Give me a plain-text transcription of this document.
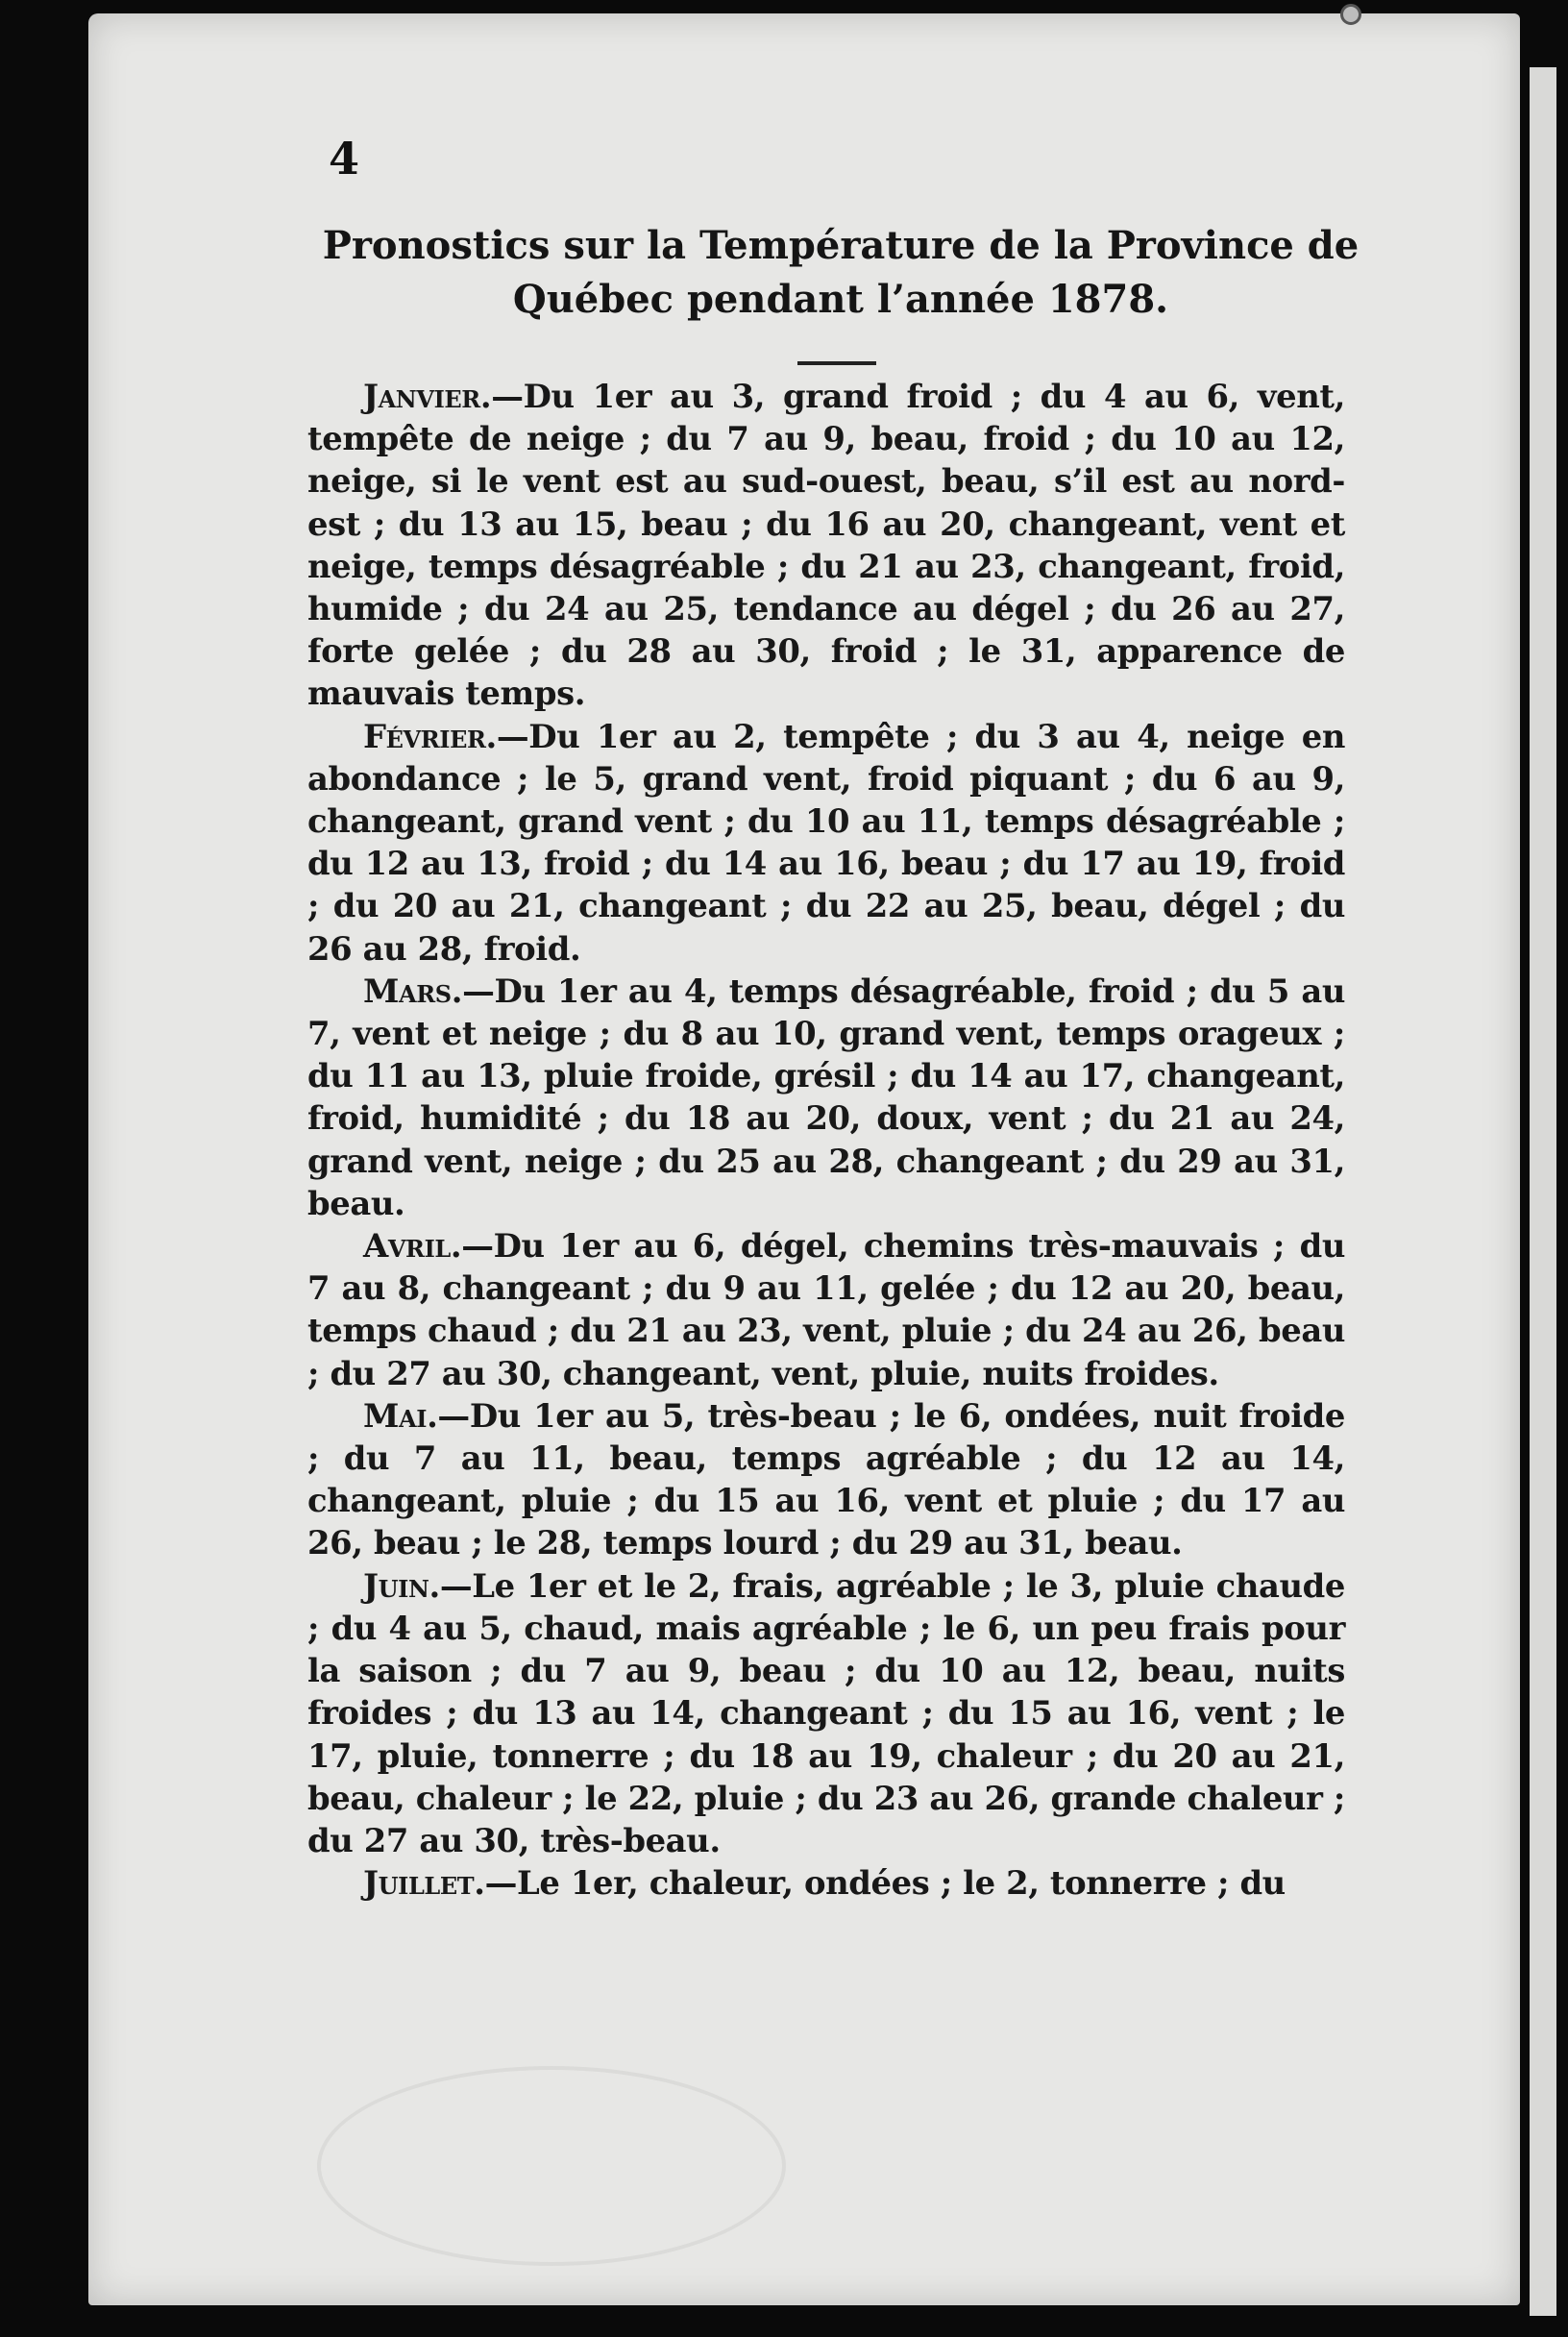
4
Pronostics sur la Température de la Province de Québec pendant l’année 1878.

Janvier.—Du 1er au 3, grand froid ; du 4 au 6, vent, tempête de neige ; du 7 au 9, beau, froid ; du 10 au 12, neige, si le vent est au sud-ouest, beau, s’il est au nord-est ; du 13 au 15, beau ; du 16 au 20, changeant, vent et neige, temps désagréable ; du 21 au 23, changeant, froid, humide ; du 24 au 25, tendance au dégel ; du 26 au 27, forte gelée ; du 28 au 30, froid ; le 31, apparence de mauvais temps.

Février.—Du 1er au 2, tempête ; du 3 au 4, neige en abondance ; le 5, grand vent, froid piquant ; du 6 au 9, changeant, grand vent ; du 10 au 11, temps désagréable ; du 12 au 13, froid ; du 14 au 16, beau ; du 17 au 19, froid ; du 20 au 21, changeant ; du 22 au 25, beau, dégel ; du 26 au 28, froid.

Mars.—Du 1er au 4, temps désagréable, froid ; du 5 au 7, vent et neige ; du 8 au 10, grand vent, temps orageux ; du 11 au 13, pluie froide, grésil ; du 14 au 17, changeant, froid, humidité ; du 18 au 20, doux, vent ; du 21 au 24, grand vent, neige ; du 25 au 28, changeant ; du 29 au 31, beau.

Avril.—Du 1er au 6, dégel, chemins très-mauvais ; du 7 au 8, changeant ; du 9 au 11, gelée ; du 12 au 20, beau, temps chaud ; du 21 au 23, vent, pluie ; du 24 au 26, beau ; du 27 au 30, changeant, vent, pluie, nuits froides.

Mai.—Du 1er au 5, très-beau ; le 6, ondées, nuit froide ; du 7 au 11, beau, temps agréable ; du 12 au 14, changeant, pluie ; du 15 au 16, vent et pluie ; du 17 au 26, beau ; le 28, temps lourd ; du 29 au 31, beau.

Juin.—Le 1er et le 2, frais, agréable ; le 3, pluie chaude ; du 4 au 5, chaud, mais agréable ; le 6, un peu frais pour la saison ; du 7 au 9, beau ; du 10 au 12, beau, nuits froides ; du 13 au 14, changeant ; du 15 au 16, vent ; le 17, pluie, tonnerre ; du 18 au 19, chaleur ; du 20 au 21, beau, chaleur ; le 22, pluie ; du 23 au 26, grande chaleur ; du 27 au 30, très-beau.

Juillet.—Le 1er, chaleur, ondées ; le 2, tonnerre ; du
